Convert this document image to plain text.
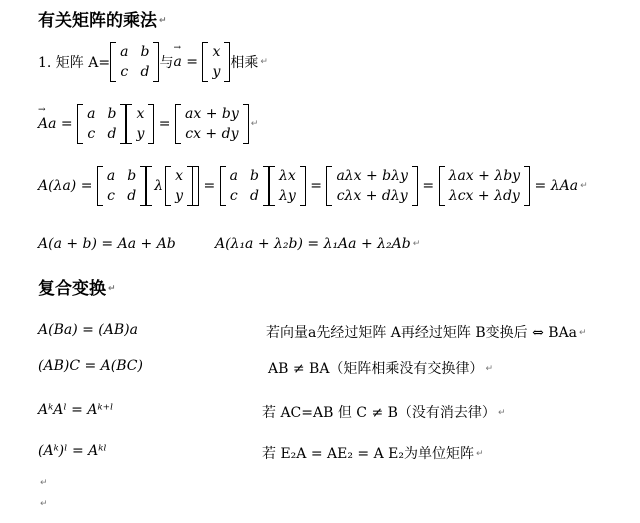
有关矩阵的乘法 ↵
1. 矩阵 A=
a b
c d
与
→ a =
x
y
相乘 ↵
→ Aa =
a b
c d
x
y
=
ax + by
cx + dy
↵
A(λa) =
a b
c d
λ
x
y
=
a b
c d
λx
λy
=
aλx + bλy
cλx + dλy
=
λax + λby
λcx + λdy
= λAa ↵
A(a + b) = Aa + Ab	A(λ₁a + λ₂b) = λ₁Aa + λ₂Ab ↵
复合变换 ↵
A(Ba) = (AB)a	若向量a先经过矩阵 A再经过矩阵 B变换后 ⇔ BAa ↵
(AB)C = A(BC)	AB ≠ BA（矩阵相乘没有交换律） ↵
AᵏAˡ = Aᵏ⁺ˡ	若 AC=AB 但 C ≠ B（没有消去律） ↵
(Aᵏ)ˡ = Aᵏˡ	若 E₂A = AE₂ = A E₂为单位矩阵 ↵
↵
↵
